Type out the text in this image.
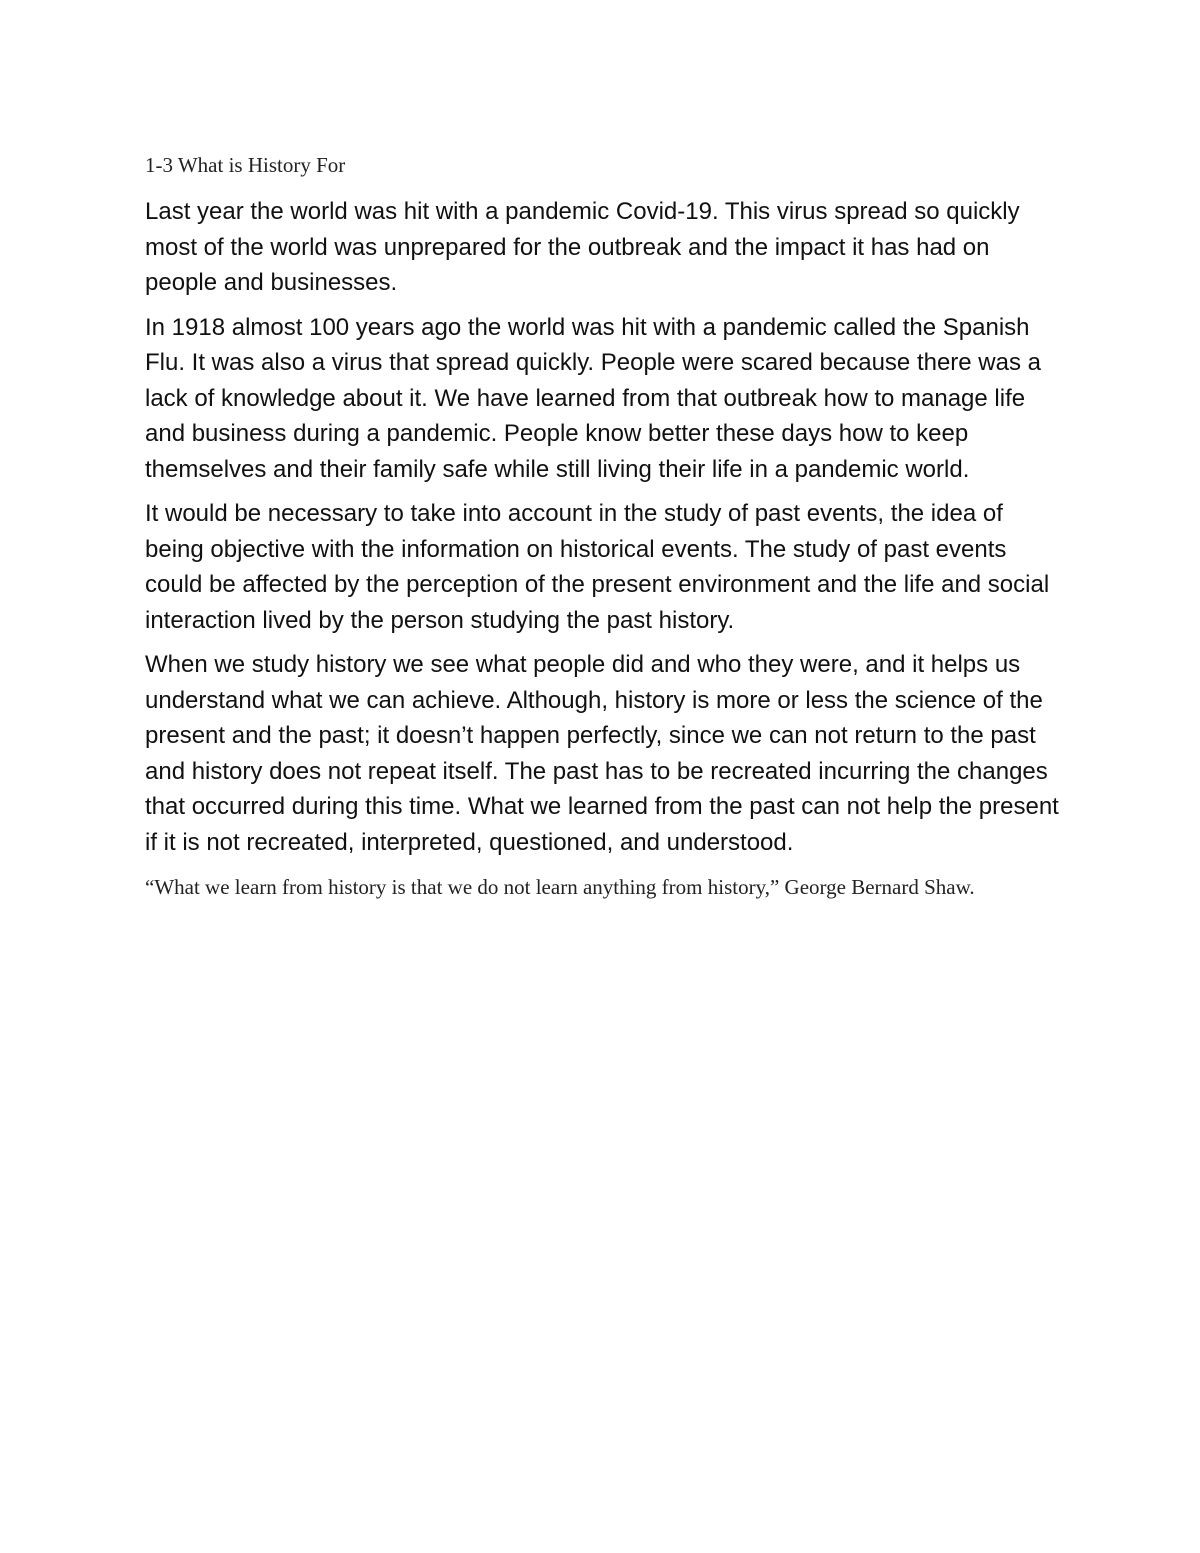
1-3 What is History For

Last year the world was hit with a pandemic Covid-19. This virus spread so quickly most of the world was unprepared for the outbreak and the impact it has had on people and businesses.

In 1918 almost 100 years ago the world was hit with a pandemic called the Spanish Flu. It was also a virus that spread quickly. People were scared because there was a lack of knowledge about it. We have learned from that outbreak how to manage life and business during a pandemic. People know better these days how to keep themselves and their family safe while still living their life in a pandemic world.

It would be necessary to take into account in the study of past events, the idea of being objective with the information on historical events. The study of past events could be affected by the perception of the present environment and the life and social interaction lived by the person studying the past history.

When we study history we see what people did and who they were, and it helps us understand what we can achieve. Although, history is more or less the science of the present and the past; it doesn’t happen perfectly, since we can not return to the past and history does not repeat itself. The past has to be recreated incurring the changes that occurred during this time. What we learned from the past can not help the present if it is not recreated, interpreted, questioned, and understood.

“What we learn from history is that we do not learn anything from history,” George Bernard Shaw.
